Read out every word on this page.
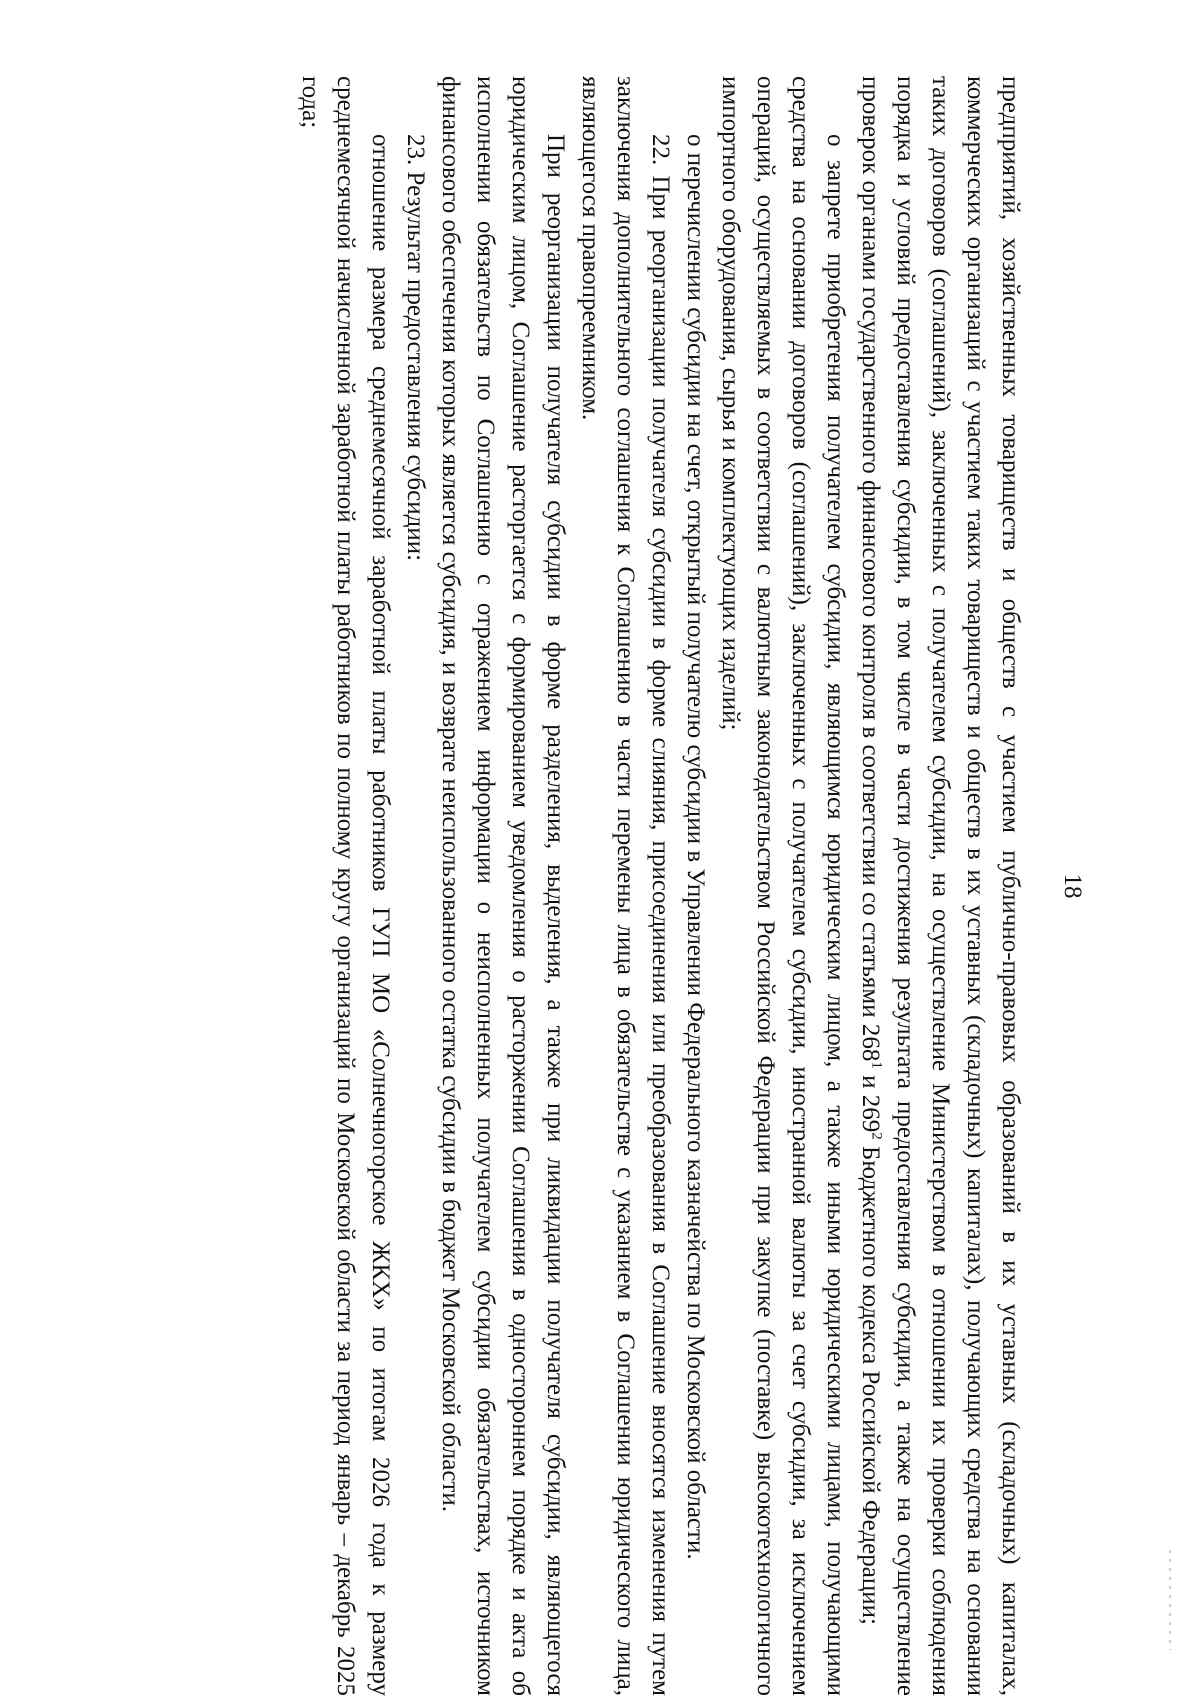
18

предприятий, хозяйственных товариществ и обществ с участием публично-правовых образований в их уставных (складочных) капиталах, коммерческих организаций с участием таких товариществ и обществ в их уставных (складочных) капиталах), получающих средства на основании таких договоров (соглашений), заключенных с получателем субсидии, на осуществление Министерством в отношении их проверки соблюдения порядка и условий предоставления субсидии, в том числе в части достижения результата предоставления субсидии, а также на осуществление проверок органами государственного финансового контроля в соответствии со статьями $268^1$ и $269^2$ Бюджетного кодекса Российской Федерации;

о запрете приобретения получателем субсидии, являющимся юридическим лицом, а также иными юридическими лицами, получающими средства на основании договоров (соглашений), заключенных с получателем субсидии, иностранной валюты за счет субсидии, за исключением операций, осуществляемых в соответствии с валютным законодательством Российской Федерации при закупке (поставке) высокотехнологичного импортного оборудования, сырья и комплектующих изделий;

о перечислении субсидии на счет, открытый получателю субсидии в Управлении Федерального казначейства по Московской области.

22. При реорганизации получателя субсидии в форме слияния, присоединения или преобразования в Соглашение вносятся изменения путем заключения дополнительного соглашения к Соглашению в части перемены лица в обязательстве с указанием в Соглашении юридического лица, являющегося правопреемником.

При реорганизации получателя субсидии в форме разделения, выделения, а также при ликвидации получателя субсидии, являющегося юридическим лицом, Соглашение расторгается с формированием уведомления о расторжении Соглашения в одностороннем порядке и акта об исполнении обязательств по Соглашению с отражением информации о неисполненных получателем субсидии обязательствах, источником финансового обеспечения которых является субсидия, и возврате неиспользованного остатка субсидии в бюджет Московской области.

23. Результат предоставления субсидии:

отношение размера среднемесячной заработной платы работников ГУП МО «Солнечногорское ЖКХ» по итогам 2026 года к размеру среднемесячной начисленной заработной платы работников по полному кругу организаций по Московской области за период январь – декабрь 2025 года;
